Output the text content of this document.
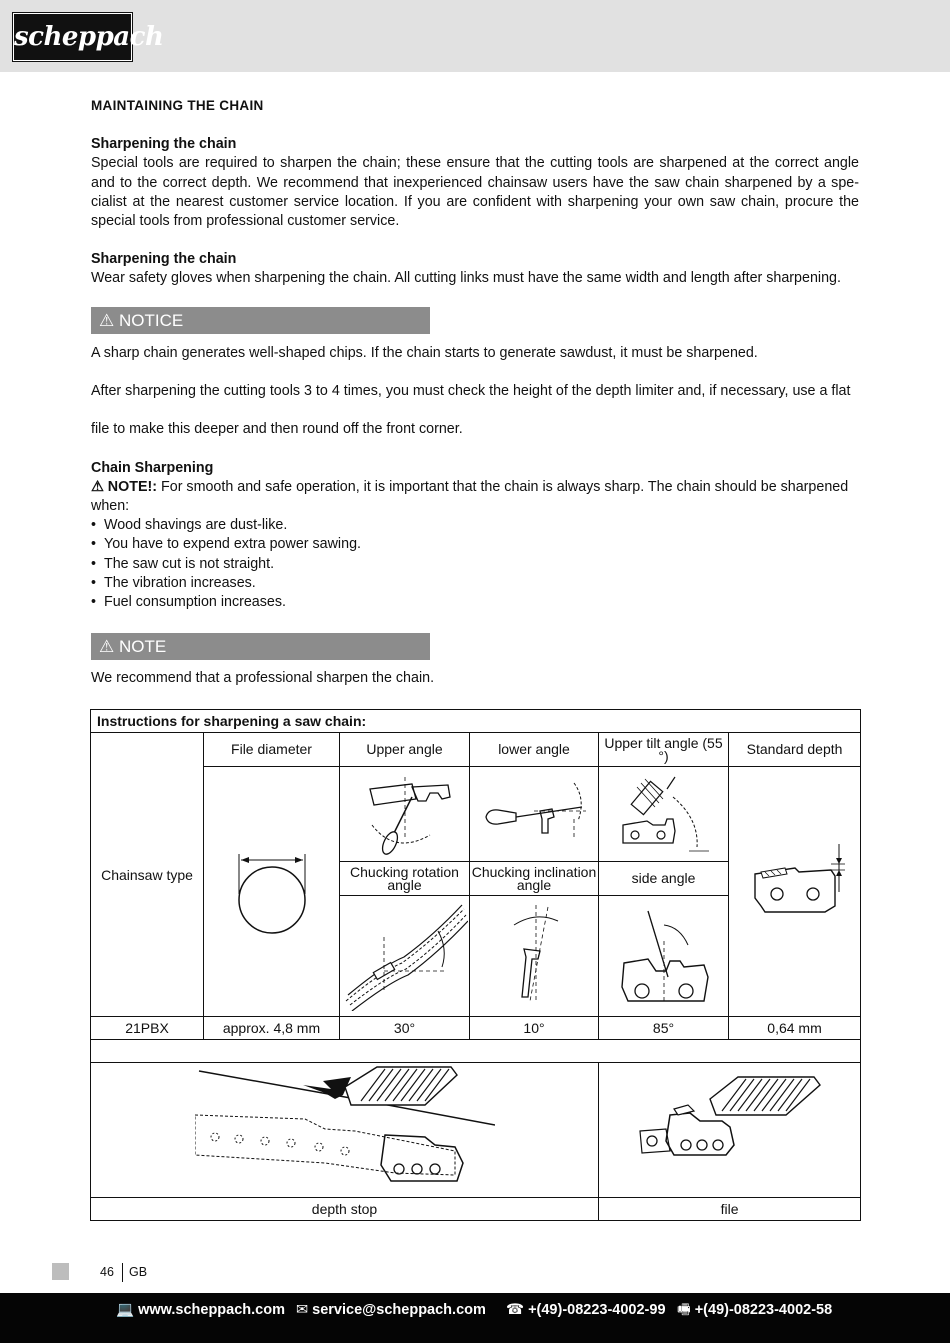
scheppach

MAINTAINING THE CHAIN

Sharpening the chain

Special tools are required to sharpen the chain; these ensure that the cutting tools are sharpened at the correct angle and to the correct depth. We recommend that inexperienced chainsaw users have the saw chain sharpened by a spe-cialist at the nearest customer service location. If you are confident with sharpening your own saw chain, procure the special tools from professional customer service.

Sharpening the chain

Wear safety gloves when sharpening the chain. All cutting links must have the same width and length after sharpening.

⚠ NOTICE

A sharp chain generates well-shaped chips. If the chain starts to generate sawdust, it must be sharpened.

After sharpening the cutting tools 3 to 4 times, you must check the height of the depth limiter and, if necessary, use a flat

file to make this deeper and then round off the front corner.

Chain Sharpening

⚠ NOTE!: For smooth and safe operation, it is important that the chain is always sharp. The chain should be sharpened when:

• Wood shavings are dust-like.
• You have to expend extra power sawing.
• The saw cut is not straight.
• The vibration increases.
• Fuel consumption increases.
⚠ NOTE

We recommend that a professional sharpen the chain.

Instructions for sharpening a saw chain:					
Chainsaw type	File diameter	Upper angle	lower angle	Upper tilt angle (55 °)	Standard depth

		Chucking rotation angle	Chucking inclination angle	side angle	

21PBX	approx. 4,8 mm	30°	10°	85°	0,64 mm

depth stop				file	
46 GB
💻 www.scheppach.com ✉ service@scheppach.com ☎ +(49)-08223-4002-99 🖷 +(49)-08223-4002-58
